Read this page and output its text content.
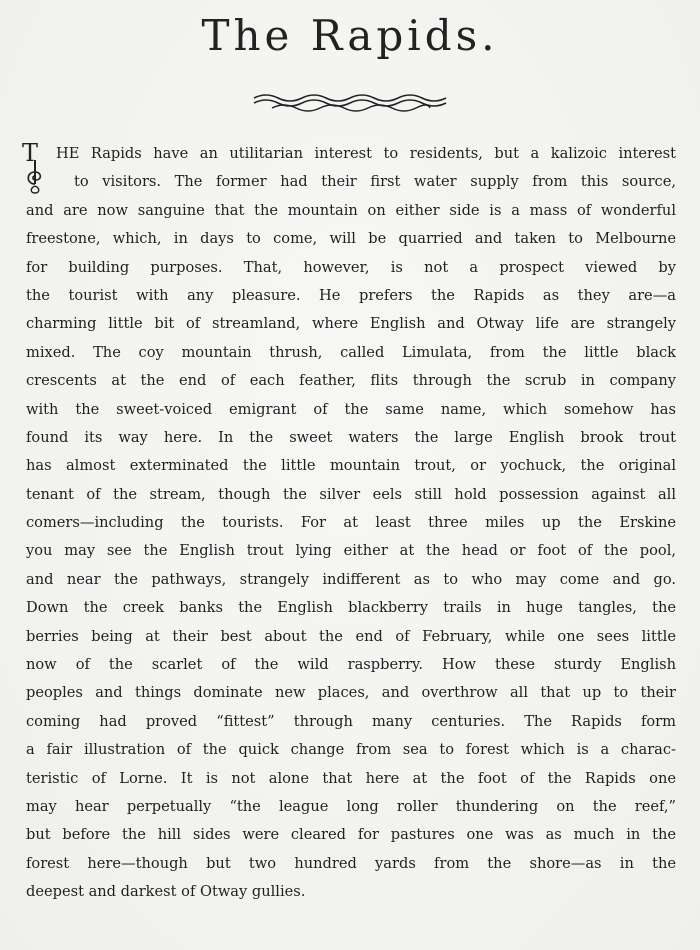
The Rapids.
T	HE Rapids have an utilitarian interest to residents, but a kalizoic interest
to visitors. The former had their first water supply from this source,
and are now sanguine that the mountain on either side is a mass of wonderful
freestone, which, in days to come, will be quarried and taken to Melbourne
for building purposes. That, however, is not a prospect viewed by
the tourist with any pleasure. He prefers the Rapids as they are—a
charming little bit of streamland, where English and Otway life are strangely
mixed. The coy mountain thrush, called Limulata, from the little black
crescents at the end of each feather, flits through the scrub in company
with the sweet-voiced emigrant of the same name, which somehow has
found its way here. In the sweet waters the large English brook trout
has almost exterminated the little mountain trout, or yochuck, the original
tenant of the stream, though the silver eels still hold possession against all
comers—including the tourists. For at least three miles up the Erskine
you may see the English trout lying either at the head or foot of the pool,
and near the pathways, strangely indifferent as to who may come and go.
Down the creek banks the English blackberry trails in huge tangles, the
berries being at their best about the end of February, while one sees little
now of the scarlet of the wild raspberry. How these sturdy English
peoples and things dominate new places, and overthrow all that up to their
coming had proved “fittest” through many centuries. The Rapids form
a fair illustration of the quick change from sea to forest which is a charac-
teristic of Lorne. It is not alone that here at the foot of the Rapids one
may hear perpetually “the league long roller thundering on the reef,”
but before the hill sides were cleared for pastures one was as much in the
forest here—though but two hundred yards from the shore—as in the
deepest and darkest of Otway gullies.
